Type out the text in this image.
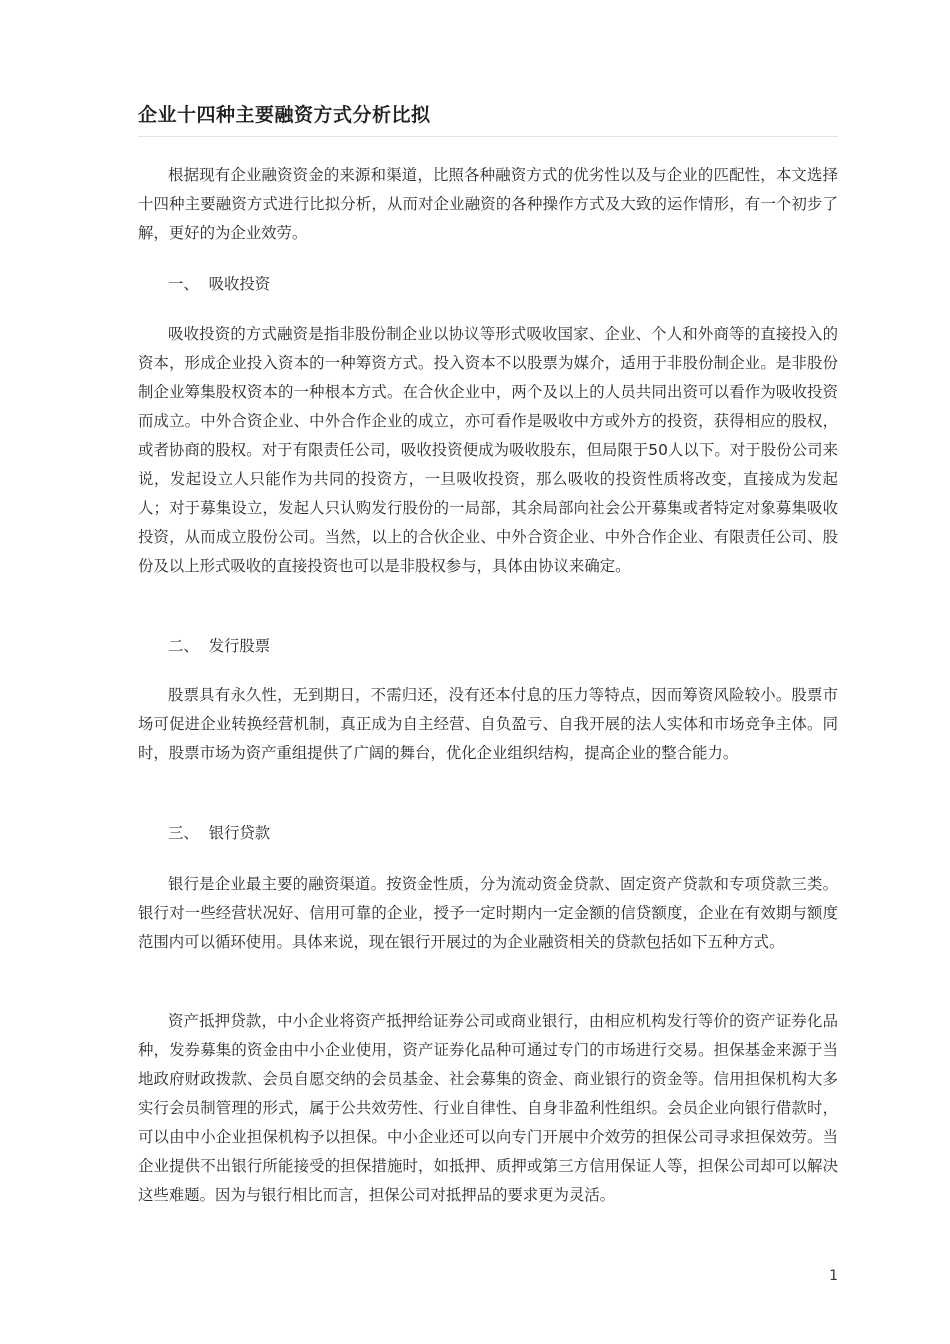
企业十四种主要融资方式分析比拟

根据现有企业融资资金的来源和渠道，比照各种融资方式的优劣性以及与企业的匹配性，本文选择十四种主要融资方式进行比拟分析，从而对企业融资的各种操作方式及大致的运作情形，有一个初步了解，更好的为企业效劳。

一、  吸收投资

吸收投资的方式融资是指非股份制企业以协议等形式吸收国家、企业、个人和外商等的直接投入的资本，形成企业投入资本的一种筹资方式。投入资本不以股票为媒介，适用于非股份制企业。是非股份制企业筹集股权资本的一种根本方式。在合伙企业中，两个及以上的人员共同出资可以看作为吸收投资而成立。中外合资企业、中外合作企业的成立，亦可看作是吸收中方或外方的投资，获得相应的股权，或者协商的股权。对于有限责任公司，吸收投资便成为吸收股东，但局限于50人以下。对于股份公司来说，发起设立人只能作为共同的投资方，一旦吸收投资，那么吸收的投资性质将改变，直接成为发起人；对于募集设立，发起人只认购发行股份的一局部，其余局部向社会公开募集或者特定对象募集吸收投资，从而成立股份公司。当然，以上的合伙企业、中外合资企业、中外合作企业、有限责任公司、股份及以上形式吸收的直接投资也可以是非股权参与，具体由协议来确定。

二、  发行股票

股票具有永久性，无到期日，不需归还，没有还本付息的压力等特点，因而筹资风险较小。股票市场可促进企业转换经营机制，真正成为自主经营、自负盈亏、自我开展的法人实体和市场竞争主体。同时，股票市场为资产重组提供了广阔的舞台，优化企业组织结构，提高企业的整合能力。

三、  银行贷款

银行是企业最主要的融资渠道。按资金性质，分为流动资金贷款、固定资产贷款和专项贷款三类。银行对一些经营状况好、信用可靠的企业，授予一定时期内一定金额的信贷额度，企业在有效期与额度范围内可以循环使用。具体来说，现在银行开展过的为企业融资相关的贷款包括如下五种方式。

资产抵押贷款，中小企业将资产抵押给证券公司或商业银行，由相应机构发行等价的资产证券化品种，发券募集的资金由中小企业使用，资产证券化品种可通过专门的市场进行交易。担保基金来源于当地政府财政拨款、会员自愿交纳的会员基金、社会募集的资金、商业银行的资金等。信用担保机构大多实行会员制管理的形式，属于公共效劳性、行业自律性、自身非盈利性组织。会员企业向银行借款时，可以由中小企业担保机构予以担保。中小企业还可以向专门开展中介效劳的担保公司寻求担保效劳。当企业提供不出银行所能接受的担保措施时，如抵押、质押或第三方信用保证人等，担保公司却可以解决这些难题。因为与银行相比而言，担保公司对抵押品的要求更为灵活。

1
